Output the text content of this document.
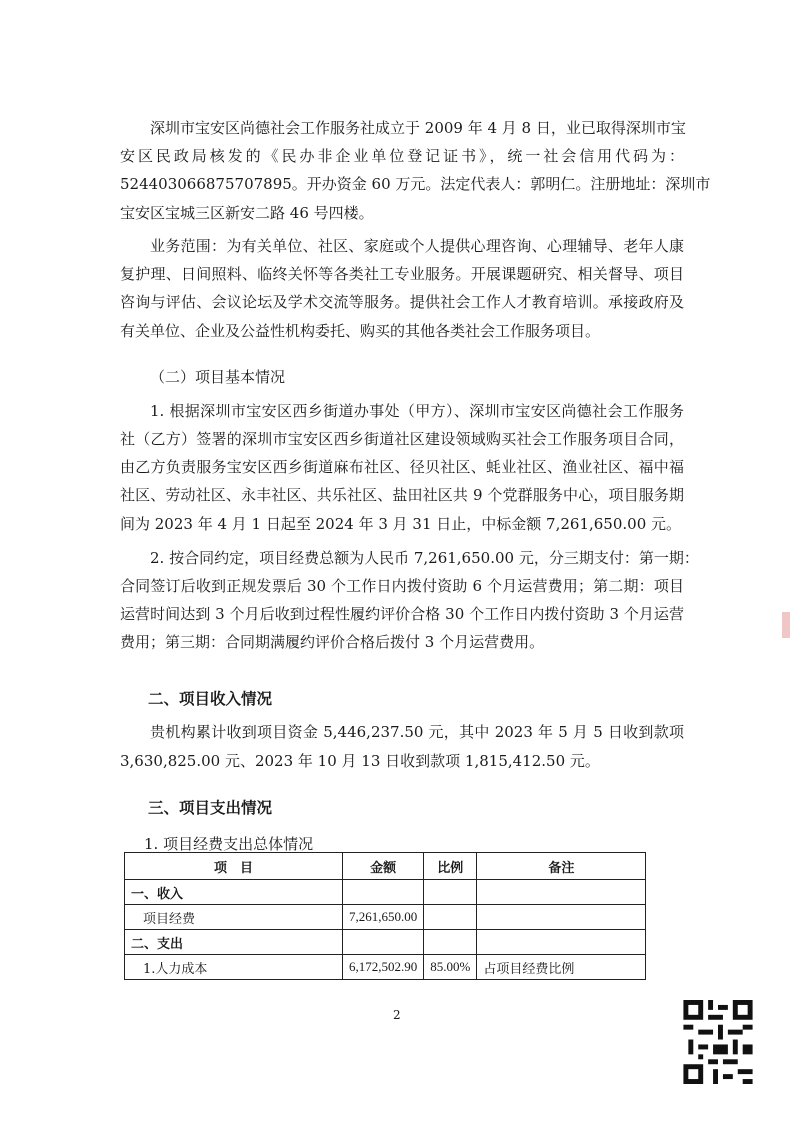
深圳市宝安区尚德社会工作服务社成立于 2009 年 4 月 8 日，业已取得深圳市宝
安区民政局核发的《民办非企业单位登记证书》，统一社会信用代码为：
524403066875707895。开办资金 60 万元。法定代表人：郭明仁。注册地址：深圳市
宝安区宝城三区新安二路 46 号四楼。
业务范围：为有关单位、社区、家庭或个人提供心理咨询、心理辅导、老年人康
复护理、日间照料、临终关怀等各类社工专业服务。开展课题研究、相关督导、项目
咨询与评估、会议论坛及学术交流等服务。提供社会工作人才教育培训。承接政府及
有关单位、企业及公益性机构委托、购买的其他各类社会工作服务项目。
（二）项目基本情况
1. 根据深圳市宝安区西乡街道办事处（甲方）、深圳市宝安区尚德社会工作服务
社（乙方）签署的深圳市宝安区西乡街道社区建设领域购买社会工作服务项目合同，
由乙方负责服务宝安区西乡街道麻布社区、径贝社区、蚝业社区、渔业社区、福中福
社区、劳动社区、永丰社区、共乐社区、盐田社区共 9 个党群服务中心，项目服务期
间为 2023 年 4 月 1 日起至 2024 年 3 月 31 日止，中标金额 7,261,650.00 元。
2. 按合同约定，项目经费总额为人民币 7,261,650.00 元，分三期支付：第一期：
合同签订后收到正规发票后 30 个工作日内拨付资助 6 个月运营费用；第二期：项目
运营时间达到 3 个月后收到过程性履约评价合格 30 个工作日内拨付资助 3 个月运营
费用；第三期：合同期满履约评价合格后拨付 3 个月运营费用。
二、项目收入情况
贵机构累计收到项目资金 5,446,237.50 元，其中 2023 年 5 月 5 日收到款项
3,630,825.00 元、2023 年 10 月 13 日收到款项 1,815,412.50 元。
三、项目支出情况
1. 项目经费支出总体情况
项　目	金额	比例	备注
一、收入			
项目经费	7,261,650.00		
二、支出			
1.人力成本	6,172,502.90	85.00%	占项目经费比例
2
